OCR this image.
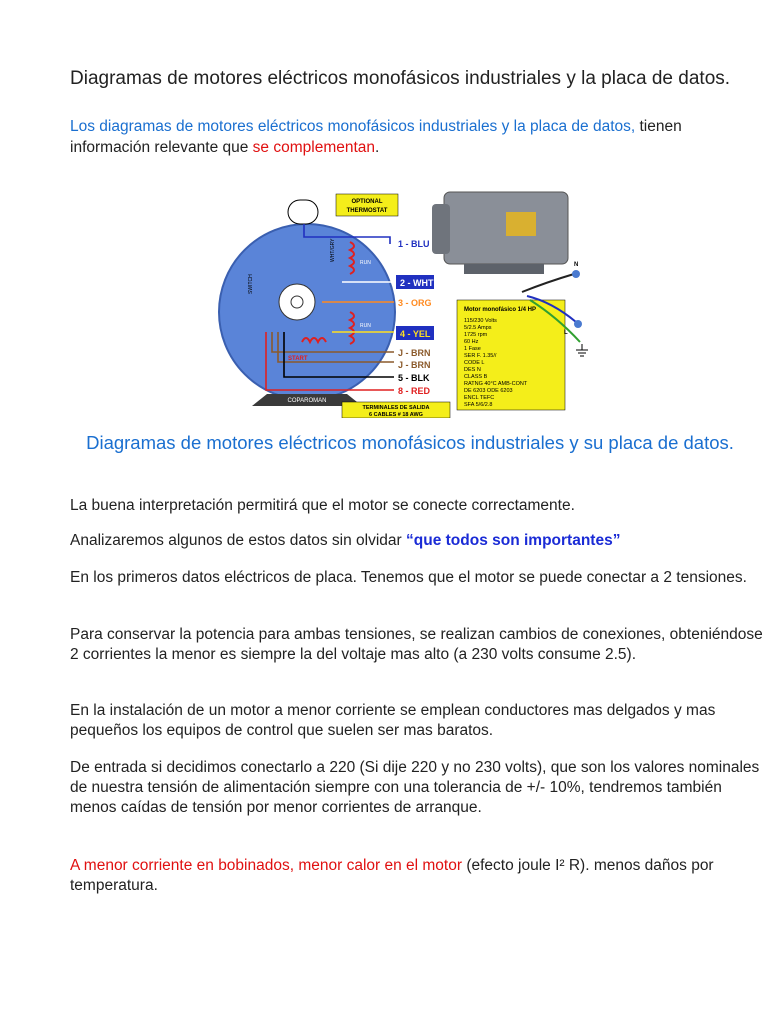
Diagramas de motores eléctricos monofásicos industriales y la placa de datos.
Los diagramas de motores eléctricos monofásicos industriales y la placa de datos, tienen información relevante que se complementan.
COPAROMAN
OPTIONAL
THERMOSTAT
SWITCH
WHT/GRY
RUN
RUN
START
1 - BLU
2 - WHT
3 - ORG
4 - YEL
J - BRN
J - BRN
5 - BLK
8 - RED
TERMINALES DE SALIDA
6 CABLES # 18 AWG
Motor monofásico 1/4 HP
115/230 Volts
5/2.5 Amps
1725 rpm
60 Hz
1 Fase
SER F. 1.35//
CODE L
DES N
CLASS B
RATNG 40°C AMB-CONT
DE 6203 ODE 6203
ENCL TEFC
SFA 5/6/2.8
N
L
Diagramas de motores eléctricos monofásicos industriales y su placa de datos.
La buena interpretación permitirá que el motor se conecte correctamente.
Analizaremos algunos de estos datos sin olvidar “que todos son importantes”
En los primeros datos eléctricos de placa. Tenemos que el motor se puede conectar a 2 tensiones.
Para conservar la potencia para ambas tensiones, se realizan cambios de conexiones, obteniéndose 2 corrientes la menor es siempre la del voltaje mas alto (a 230 volts consume 2.5).
En la instalación de un motor a menor corriente se emplean conductores mas delgados y mas pequeños los equipos de control que suelen ser mas baratos.
De entrada si decidimos conectarlo a 220 (Si dije 220 y no 230 volts), que son los valores nominales de nuestra tensión de alimentación siempre con una tolerancia de +/- 10%, tendremos también menos caídas de tensión por menor corrientes de arranque.
A menor corriente en bobinados, menor calor en el motor (efecto joule I² R). menos daños por temperatura.
